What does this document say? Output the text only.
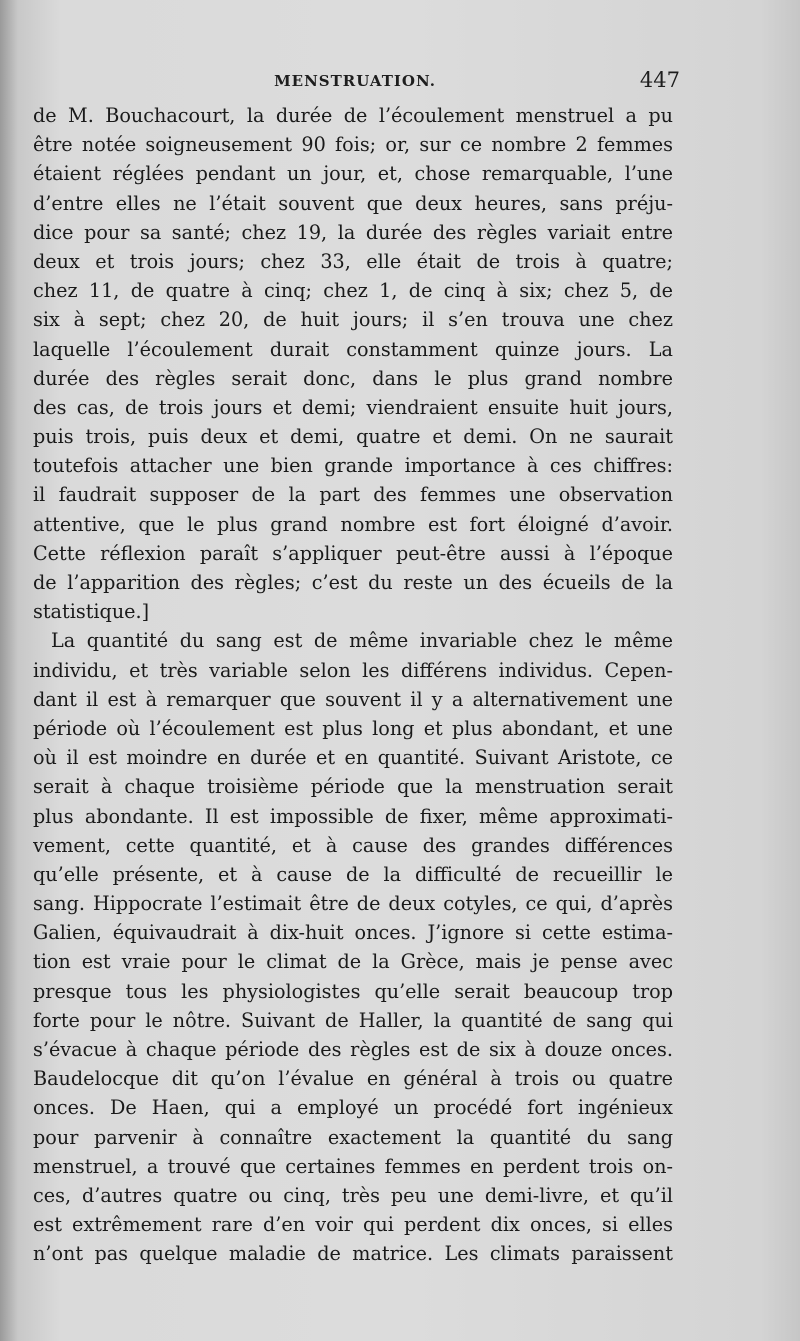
MENSTRUATION.	447
de M. Bouchacourt, la durée de l’écoulement menstruel a pu
être notée soigneusement 90 fois; or, sur ce nombre 2 femmes
étaient réglées pendant un jour, et, chose remarquable, l’une
d’entre elles ne l’était souvent que deux heures, sans préju-
dice pour sa santé; chez 19, la durée des règles variait entre
deux et trois jours; chez 33, elle était de trois à quatre;
chez 11, de quatre à cinq; chez 1, de cinq à six; chez 5, de
six à sept; chez 20, de huit jours; il s’en trouva une chez
laquelle l’écoulement durait constamment quinze jours. La
durée des règles serait donc, dans le plus grand nombre
des cas, de trois jours et demi; viendraient ensuite huit jours,
puis trois, puis deux et demi, quatre et demi. On ne saurait
toutefois attacher une bien grande importance à ces chiffres:
il faudrait supposer de la part des femmes une observation
attentive, que le plus grand nombre est fort éloigné d’avoir.
Cette réflexion paraît s’appliquer peut-être aussi à l’époque
de l’apparition des règles; c’est du reste un des écueils de la
statistique.]
La quantité du sang est de même invariable chez le même
individu, et très variable selon les différens individus. Cepen-
dant il est à remarquer que souvent il y a alternativement une
période où l’écoulement est plus long et plus abondant, et une
où il est moindre en durée et en quantité. Suivant Aristote, ce
serait à chaque troisième période que la menstruation serait
plus abondante. Il est impossible de fixer, même approximati-
vement, cette quantité, et à cause des grandes différences
qu’elle présente, et à cause de la difficulté de recueillir le
sang. Hippocrate l’estimait être de deux cotyles, ce qui, d’après
Galien, équivaudrait à dix-huit onces. J’ignore si cette estima-
tion est vraie pour le climat de la Grèce, mais je pense avec
presque tous les physiologistes qu’elle serait beaucoup trop
forte pour le nôtre. Suivant de Haller, la quantité de sang qui
s’évacue à chaque période des règles est de six à douze onces.
Baudelocque dit qu’on l’évalue en général à trois ou quatre
onces. De Haen, qui a employé un procédé fort ingénieux
pour parvenir à connaître exactement la quantité du sang
menstruel, a trouvé que certaines femmes en perdent trois on-
ces, d’autres quatre ou cinq, très peu une demi-livre, et qu’il
est extrêmement rare d’en voir qui perdent dix onces, si elles
n’ont pas quelque maladie de matrice. Les climats paraissent
